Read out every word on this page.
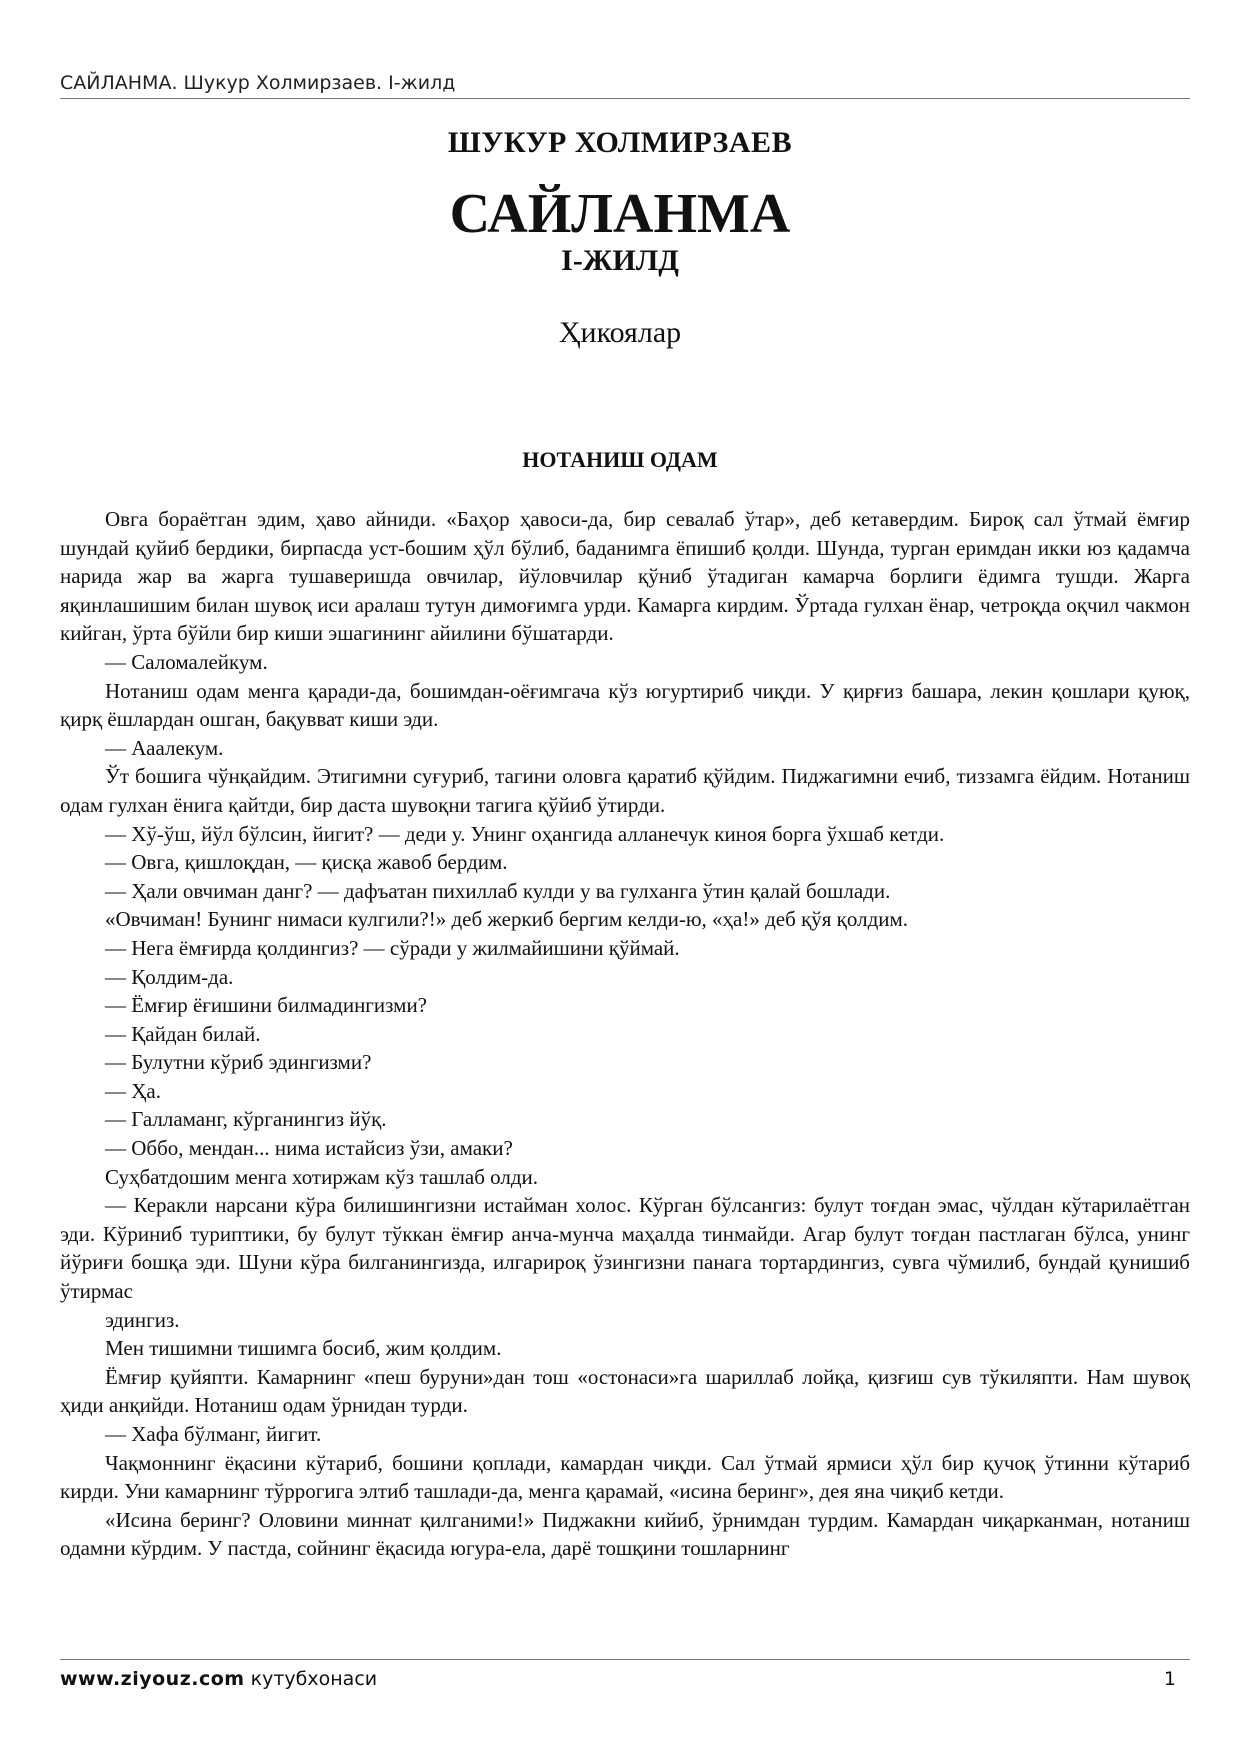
САЙЛАНМА. Шукур Холмирзаев. I-жилд
ШУКУР ХОЛМИРЗАЕВ
САЙЛАНМА
I-ЖИЛД
Ҳикоялар
НОТАНИШ ОДАМ

Овга бораётган эдим, ҳаво айниди. «Баҳор ҳавоси-да, бир севалаб ўтар», деб кетавердим. Бироқ сал ўтмай ёмғир шундай қуйиб бердики, бирпасда уст-бошим ҳўл бўлиб, баданимга ёпишиб қолди. Шунда, турган еримдан икки юз қадамча нарида жар ва жарга тушаверишда овчилар, йўловчилар қўниб ўтадиган камарча борлиги ёдимга тушди. Жарга яқинлашишим билан шувоқ иси аралаш тутун димоғимга урди. Камарга кирдим. Ўртада гулхан ёнар, четроқда оқчил чакмон кийган, ўрта бўйли бир киши эшагининг айилини бўшатарди.

— Саломалейкум.

Нотаниш одам менга қаради-да, бошимдан-оёғимгача кўз югуртириб чиқди. У қирғиз башара, лекин қошлари қуюқ, қирқ ёшлардан ошган, бақувват киши эди.

— Ааалекум.

Ўт бошига чўнқайдим. Этигимни суғуриб, тагини оловга қаратиб қўйдим. Пиджагимни ечиб, тиззамга ёйдим. Нотаниш одам гулхан ёнига қайтди, бир даста шувоқни тагига қўйиб ўтирди.

— Хў-ўш, йўл бўлсин, йигит? — деди у. Унинг оҳангида алланечук киноя борга ўхшаб кетди.

— Овга, қишлоқдан, — қисқа жавоб бердим.

— Ҳали овчиман данг? — дафъатан пихиллаб кулди у ва гулханга ўтин қалай бошлади.

«Овчиман! Бунинг нимаси кулгили?!» деб жеркиб бергим келди-ю, «ҳа!» деб қўя қолдим.

— Нега ёмғирда қолдингиз? — сўради у жилмайишини қўймай.

— Қолдим-да.

— Ёмғир ёғишини билмадингизми?

— Қайдан билай.

— Булутни кўриб эдингизми?

— Ҳа.

— Галламанг, кўрганингиз йўқ.

— Оббо, мендан... нима истайсиз ўзи, амаки?

Суҳбатдошим менга хотиржам кўз ташлаб олди.

— Керакли нарсани кўра билишингизни истайман холос. Кўрган бўлсангиз: булут тоғдан эмас, чўлдан кўтарилаётган эди. Кўриниб туриптики, бу булут тўккан ёмғир анча-мунча маҳалда тинмайди. Агар булут тоғдан пастлаган бўлса, унинг йўриғи бошқа эди. Шуни кўра билганингизда, илгарироқ ўзингизни панага тортардингиз, сувга чўмилиб, бундай қунишиб ўтирмас

эдингиз.

Мен тишимни тишимга босиб, жим қолдим.

Ёмғир қуйяпти. Камарнинг «пеш буруни»дан тош «остонаси»га шариллаб лойқа, қизғиш сув тўкиляпти. Нам шувоқ ҳиди анқийди. Нотаниш одам ўрнидан турди.

— Хафа бўлманг, йигит.

Чақмоннинг ёқасини кўтариб, бошини қоплади, камардан чиқди. Сал ўтмай ярмиси ҳўл бир қучоқ ўтинни кўтариб кирди. Уни камарнинг тўррогига элтиб ташлади-да, менга қарамай, «исина беринг», дея яна чиқиб кетди.

«Исина беринг? Оловини миннат қилганими!» Пиджакни кийиб, ўрнимдан турдим. Камардан чиқарканман, нотаниш одамни кўрдим. У пастда, сойнинг ёқасида югура-ела, дарё тошқини тошларнинг

www.ziyouz.com кутубхонаси	1
